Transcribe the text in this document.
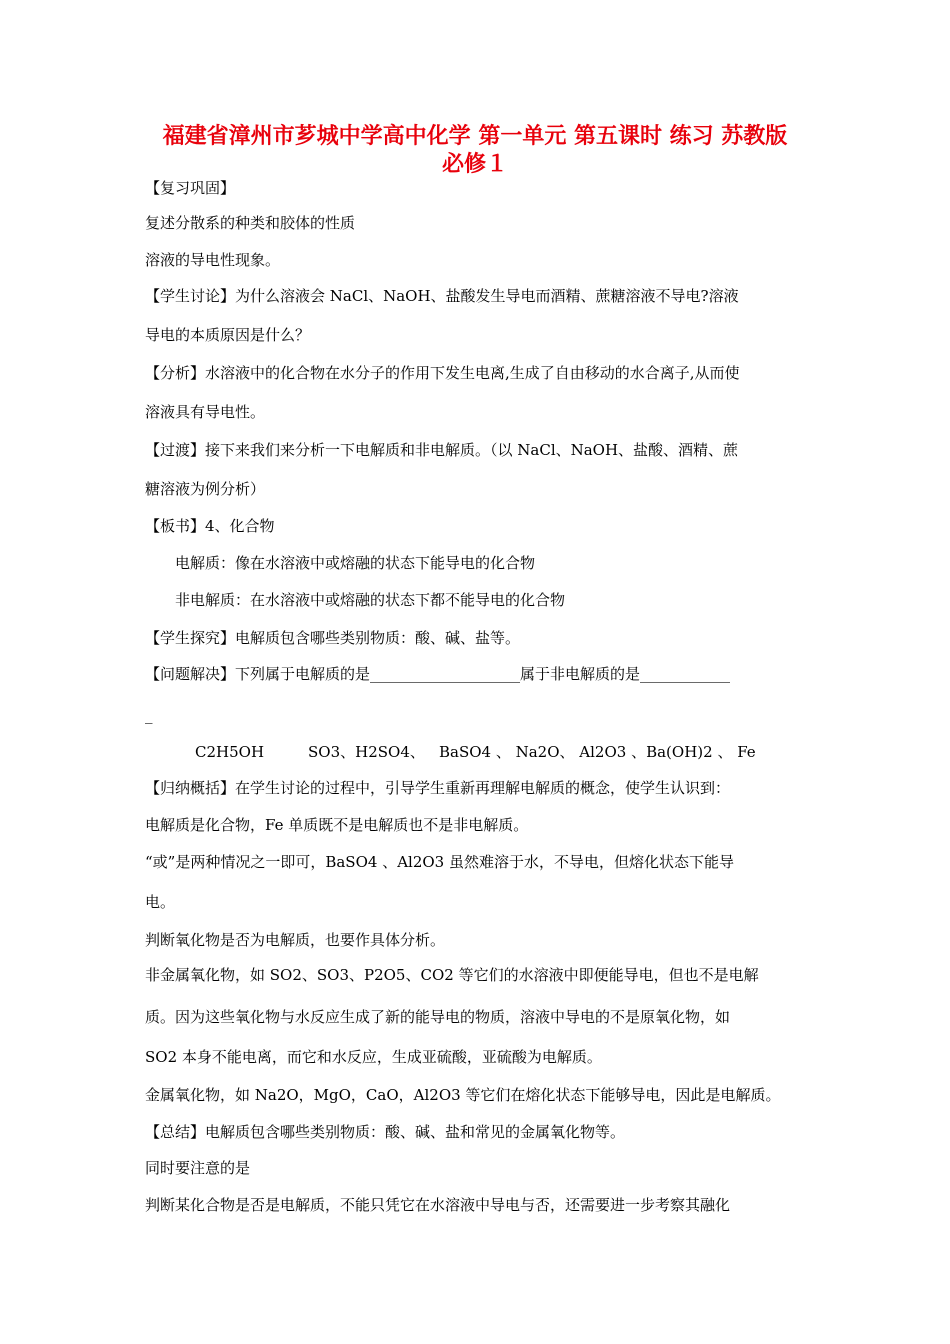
福建省漳州市芗城中学高中化学 第一单元 第五课时 练习 苏教版
必修１
【复习巩固】
复述分散系的种类和胶体的性质
溶液的导电性现象。
【学生讨论】为什么溶液会 NaCl、NaOH、盐酸发生导电而酒精、蔗糖溶液不导电?溶液
导电的本质原因是什么？
【分析】水溶液中的化合物在水分子的作用下发生电离,生成了自由移动的水合离子,从而使
溶液具有导电性。
【过渡】接下来我们来分析一下电解质和非电解质。（以 NaCl、NaOH、盐酸、酒精、蔗
糖溶液为例分析）
【板书】4、化合物
电解质：像在水溶液中或熔融的状态下能导电的化合物
非电解质：在水溶液中或熔融的状态下都不能导电的化合物
【学生探究】电解质包含哪些类别物质：酸、碱、盐等。
【问题解决】下列属于电解质的是____________________属于非电解质的是____________
_
C2H5OH	SO3、H2SO4、 BaSO4 、 Na2O、 Al2O3 、Ba(OH)2 、 Fe
【归纳概括】在学生讨论的过程中，引导学生重新再理解电解质的概念，使学生认识到：
电解质是化合物，Fe 单质既不是电解质也不是非电解质。
“或”是两种情况之一即可，BaSO4 、Al2O3 虽然难溶于水，不导电，但熔化状态下能导
电。
判断氧化物是否为电解质，也要作具体分析。
非金属氧化物，如 SO2、SO3、P2O5、CO2 等它们的水溶液中即便能导电，但也不是电解
质。因为这些氧化物与水反应生成了新的能导电的物质，溶液中导电的不是原氧化物，如
SO2 本身不能电离，而它和水反应，生成亚硫酸，亚硫酸为电解质。
金属氧化物，如 Na2O，MgO，CaO，Al2O3 等它们在熔化状态下能够导电，因此是电解质。
【总结】电解质包含哪些类别物质：酸、碱、盐和常见的金属氧化物等。
同时要注意的是
判断某化合物是否是电解质，不能只凭它在水溶液中导电与否，还需要进一步考察其融化
